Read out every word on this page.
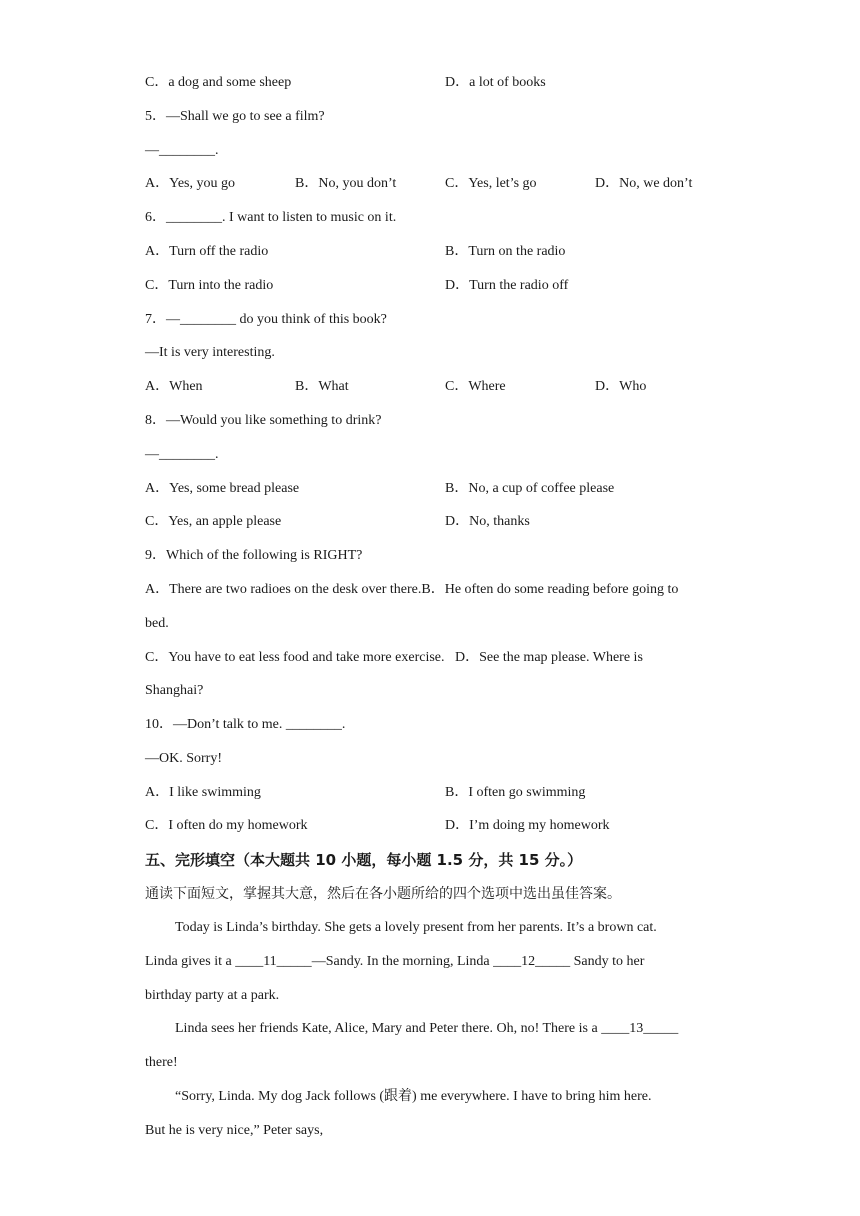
C．a dog and some sheep	D．a lot of books
5．—Shall we go to see a film?
—________.
A．Yes, you go	B．No, you don’t	C．Yes, let’s go	D．No, we don’t
6．________. I want to listen to music on it.
A．Turn off the radio	B．Turn on the radio
C．Turn into the radio	D．Turn the radio off
7．—________ do you think of this book?
—It is very interesting.
A．When	B．What	C．Where	D．Who
8．—Would you like something to drink?
—________.
A．Yes, some bread please	B．No, a cup of coffee please
C．Yes, an apple please	D．No, thanks
9．Which of the following is RIGHT?
A．There are two radioes on the desk over there.B．He often do some reading before going to
bed.
C．You have to eat less food and take more exercise.   D．See the map please. Where is
Shanghai?
10．—Don’t talk to me. ________.
—OK. Sorry!
A．I like swimming	B．I often go swimming
C．I often do my homework	D．I’m doing my homework
五、完形填空（本大题共 10 小题，每小题 1.5 分，共 15 分。）
通读下面短文，掌握其大意，然后在各小题所给的四个选项中选出虽佳答案。
Today is Linda’s birthday. She gets a lovely present from her parents. It’s a brown cat.
Linda gives it a ____11_____—Sandy. In the morning, Linda ____12_____ Sandy to her
birthday party at a park.
Linda sees her friends Kate, Alice, Mary and Peter there. Oh, no! There is a ____13_____
there!
“Sorry, Linda. My dog Jack follows (跟着) me everywhere. I have to bring him here.
But he is very nice,” Peter says,
